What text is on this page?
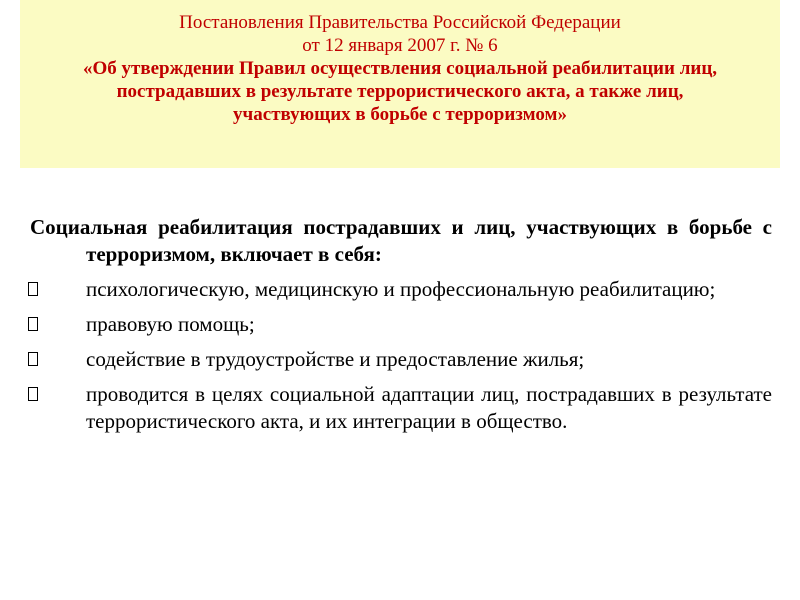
Постановления Правительства Российской Федерации
от 12 января 2007 г. № 6
«Об утверждении Правил осуществления социальной реабилитации лиц,
пострадавших в результате террористического акта, а также лиц,
участвующих в борьбе с терроризмом»

Социальная реабилитация пострадавших и лиц, участвующих в борьбе с терроризмом, включает в себя:

психологическую, медицинскую и профессиональную реабилитацию;
правовую помощь;
содействие в трудоустройстве и предоставление жилья;
проводится в целях социальной адаптации лиц, пострадавших в результате террористического акта, и их интеграции в общество.
